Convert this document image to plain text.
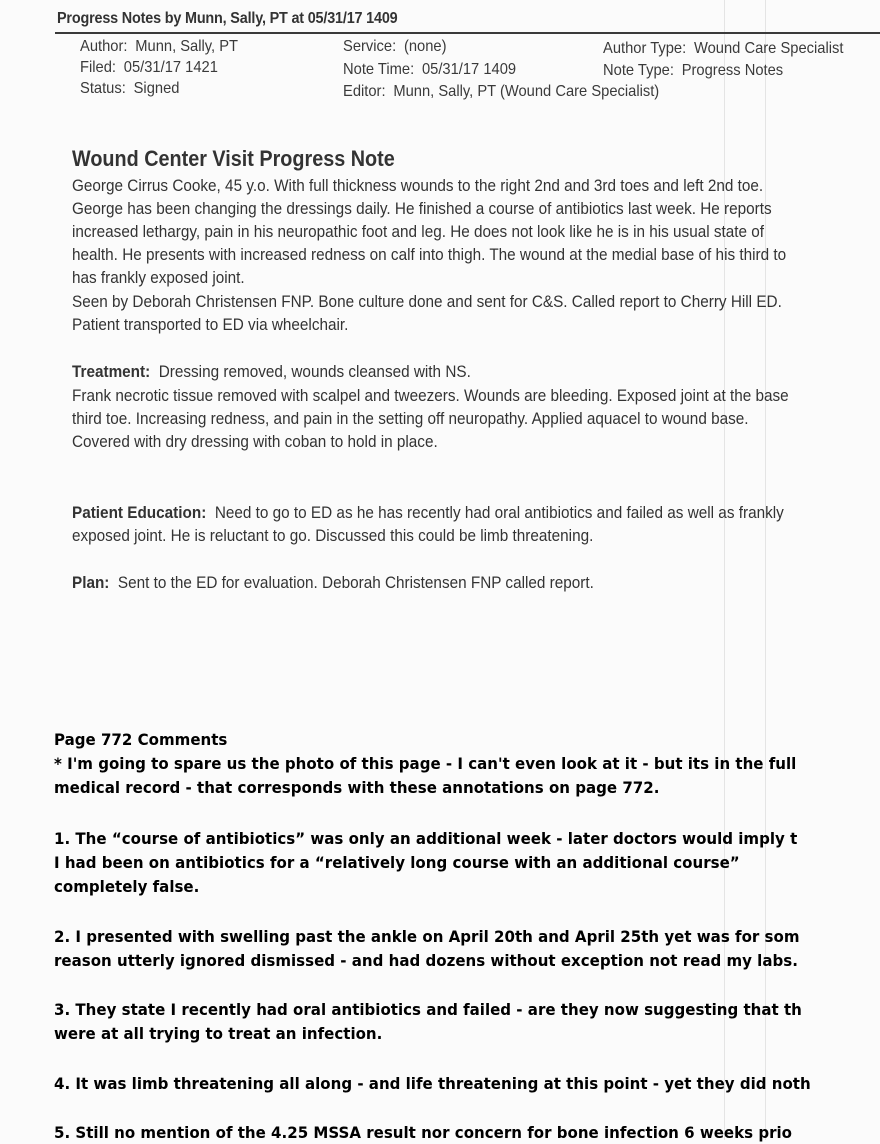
Progress Notes by Munn, Sally, PT at 05/31/17 1409
Author: Munn, Sally, PT
Filed: 05/31/17 1421
Status: Signed
Service: (none)
Note Time: 05/31/17 1409
Editor: Munn, Sally, PT (Wound Care Specialist)
Author Type: Wound Care Specialist
Note Type: Progress Notes
Wound Center Visit Progress Note
George Cirrus Cooke, 45 y.o. With full thickness wounds to the right 2nd and 3rd toes and left 2nd toe.
George has been changing the dressings daily. He finished a course of antibiotics last week. He reports
increased lethargy, pain in his neuropathic foot and leg. He does not look like he is in his usual state of
health. He presents with increased redness on calf into thigh. The wound at the medial base of his third to
has frankly exposed joint.
Seen by Deborah Christensen FNP. Bone culture done and sent for C&S. Called report to Cherry Hill ED.
Patient transported to ED via wheelchair.
Treatment:  Dressing removed, wounds cleansed with NS.
Frank necrotic tissue removed with scalpel and tweezers. Wounds are bleeding. Exposed joint at the base
third toe. Increasing redness, and pain in the setting off neuropathy. Applied aquacel to wound base.
Covered with dry dressing with coban to hold in place.
Patient Education:  Need to go to ED as he has recently had oral antibiotics and failed as well as frankly
exposed joint. He is reluctant to go. Discussed this could be limb threatening.
Plan:  Sent to the ED for evaluation. Deborah Christensen FNP called report.
Page 772 Comments
* I'm going to spare us the photo of this page - I can't even look at it - but its in the full
medical record - that corresponds with these annotations on page 772.
1. The “course of antibiotics” was only an additional week - later doctors would imply t
I had been on antibiotics for a “relatively long course with an additional course”
completely false.
2. I presented with swelling past the ankle on April 20th and April 25th yet was for som
reason utterly ignored dismissed - and had dozens without exception not read my labs.
3. They state I recently had oral antibiotics and failed - are they now suggesting that th
were at all trying to treat an infection.
4. It was limb threatening all along - and life threatening at this point - yet they did noth
5. Still no mention of the 4.25 MSSA result nor concern for bone infection 6 weeks prio
